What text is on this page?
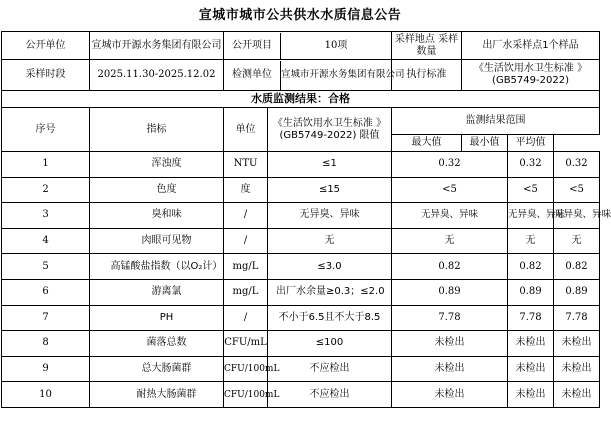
宣城市城市公共供水水质信息公告
公开单位	宣城市开源水务集团有限公司	公开项目	10项
	采样地点 采样数量	出厂水采样点1个样品
采样时段	2025.11.30-2025.12.02	检测单位	宣城市开源水务集团有限公司
	执行标准	《生活饮用水卫生标准 》 (GB5749-2022)
水质监测结果：合格
序号	指标	单位	《生活饮用水卫生标准 》 (GB5749-2022) 限值	监测结果范围
最大值	最小值	平均值
1	浑浊度	NTU	≤1	0.32	0.32	0.32
2	色度	度	≤15	<5	<5	<5
3	臭和味	/	无异臭、异味	无异臭、异味	无异臭、异味	无异臭、异味
4	肉眼可见物	/	无	无	无	无
5	高锰酸盐指数（以O₂计）	mg/L	≤3.0	0.82	0.82	0.82
6	游离氯	mg/L	出厂水余量≥0.3；≤2.0	0.89	0.89	0.89
7	PH	/	不小于6.5且不大于8.5	7.78	7.78	7.78
8	菌落总数	CFU/mL	≤100	未检出	未检出	未检出
9	总大肠菌群	CFU/100mL	不应检出	未检出	未检出	未检出
10	耐热大肠菌群	CFU/100mL	不应检出	未检出	未检出	未检出
